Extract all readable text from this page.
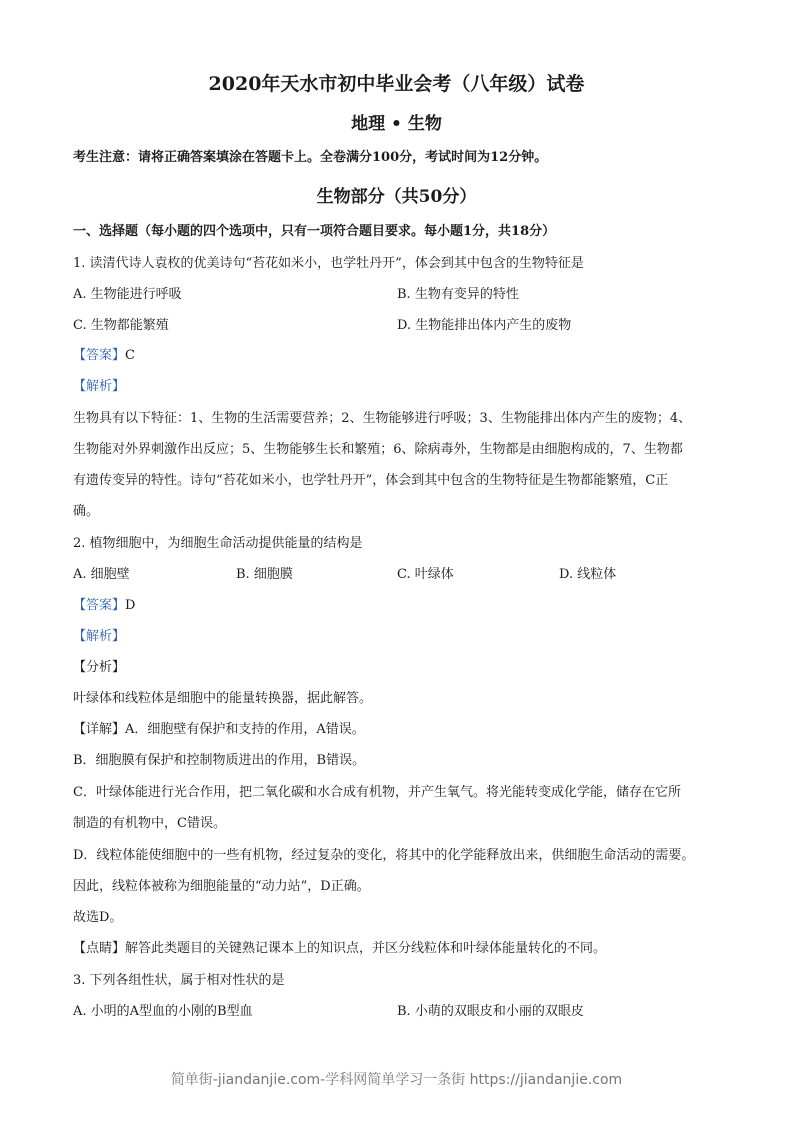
2020年天水市初中毕业会考（八年级）试卷
地理 • 生物
考生注意：请将正确答案填涂在答题卡上。全卷满分100分，考试时间为12分钟。
生物部分（共50分）
一、选择题（每小题的四个选项中，只有一项符合题目要求。每小题1分，共18分）
1. 读清代诗人袁枚的优美诗句“苔花如米小，也学牡丹开”，体会到其中包含的生物特征是
A. 生物能进行呼吸	B. 生物有变异的特性
C. 生物都能繁殖	D. 生物能排出体内产生的废物
【答案】C
【解析】
生物具有以下特征：1、生物的生活需要营养；2、生物能够进行呼吸；3、生物能排出体内产生的废物；4、
生物能对外界刺激作出反应；5、生物能够生长和繁殖；6、除病毒外，生物都是由细胞构成的，7、生物都
有遗传变异的特性。诗句“苔花如米小，也学牡丹开”，体会到其中包含的生物特征是生物都能繁殖，C正
确。
2. 植物细胞中，为细胞生命活动提供能量的结构是
A. 细胞壁	B. 细胞膜	C. 叶绿体	D. 线粒体
【答案】D
【解析】
【分析】
叶绿体和线粒体是细胞中的能量转换器，据此解答。
【详解】A．细胞壁有保护和支持的作用，A错误。
B．细胞膜有保护和控制物质进出的作用，B错误。
C．叶绿体能进行光合作用，把二氧化碳和水合成有机物，并产生氧气。将光能转变成化学能，储存在它所
制造的有机物中，C错误。
D．线粒体能使细胞中的一些有机物，经过复杂的变化，将其中的化学能释放出来，供细胞生命活动的需要。
因此，线粒体被称为细胞能量的“动力站”，D正确。
故选D。
【点睛】解答此类题目的关键熟记课本上的知识点，并区分线粒体和叶绿体能量转化的不同。
3. 下列各组性状，属于相对性状的是
A. 小明的A型血的小刚的B型血	B. 小萌的双眼皮和小丽的双眼皮
简单街-jiandanjie.com-学科网简单学习一条街 https://jiandanjie.com
